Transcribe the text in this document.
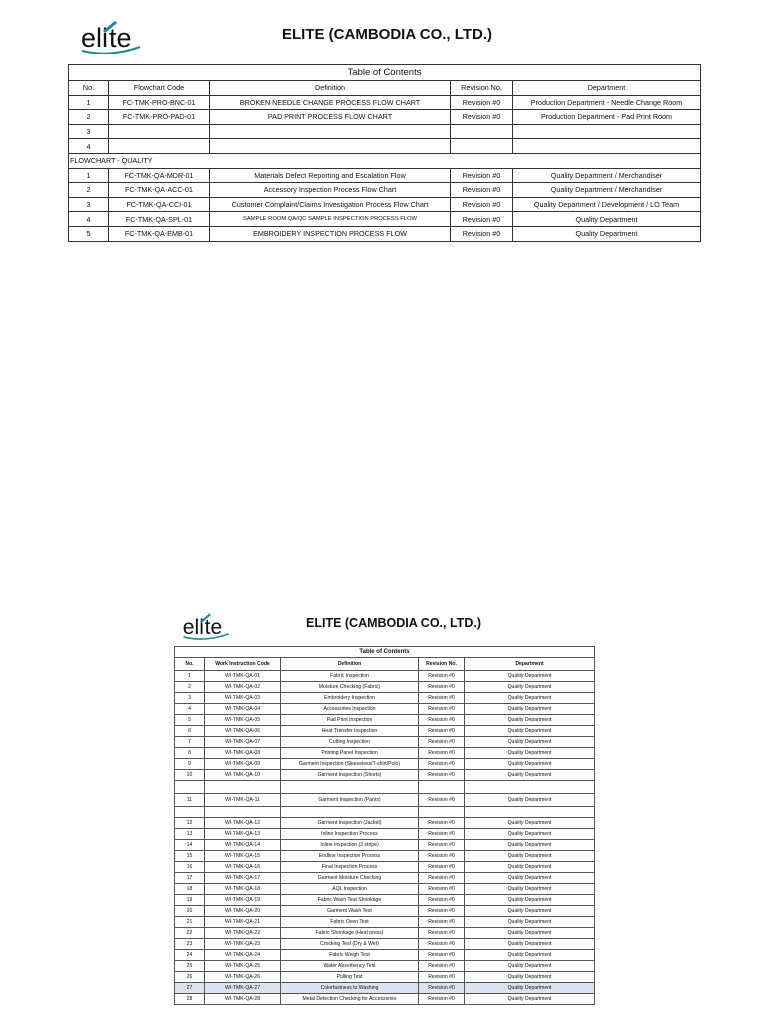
el i te	ELITE (CAMBODIA CO., LTD.)
Table of Contents				
No.	Flowchart Code	Definition	Revision No.	Department
1	FC-TMK-PRO-BNC-01	BROKEN NEEDLE CHANGE PROCESS FLOW CHART	Revision #0	Production Department - Needle Change Room
2	FC-TMK-PRO-PAD-01	PAD PRINT PROCESS FLOW CHART	Revision #0	Production Department - Pad Print Room
3				
4				
FLOWCHART - QUALITY				
1	FC-TMK-QA-MDR-01	Materials Defect Reporting and Escalation Flow	Revision #0	Quality Department / Merchandiser
2	FC-TMK-QA-ACC-01	Accessory Inspection Process Flow Chart	Revision #0	Quality Department / Merchandiser
3	FC-TMK-QA-CCI-01	Customer Complaint/Claims Investigation Process Flow Chart	Revision #0	Quality Department / Development / LO Team
4	FC-TMK-QA-SPL-01	SAMPLE ROOM QA/QC SAMPLE INSPECTION PROCESS FLOW	Revision #0	Quality Department
5	FC-TMK-QA-EMB-01	EMBROIDERY INSPECTION PROCESS FLOW	Revision #0	Quality Department
el i te	ELITE (CAMBODIA CO., LTD.)
Table of Contents				
No.	Work Instruction Code	Definition	Revision No.	Department
1	WI-TMK-QA-01	Fabric Inspection	Revision #0	Quality Department
2	WI-TMK-QA-02	Moisture Checking (Fabric)	Revision #0	Quality Department
3	WI-TMK-QA-03	Embroidery Inspection	Revision #0	Quality Department
4	WI-TMK-QA-04	Accessories Inspection	Revision #0	Quality Department
5	WI-TMK-QA-05	Pad Print Inspection	Revision #0	Quality Department
6	WI-TMK-QA-06	Heat Transfer Inspection	Revision #0	Quality Department
7	WI-TMK-QA-07	Cutting Inspection	Revision #0	Quality Department
8	WI-TMK-QA-08	Printing Panel Inspection	Revision #0	Quality Department
9	WI-TMK-QA-09	Garment Inspection (Sleeveless/T-shirt/Polo)	Revision #0	Quality Department
10	WI-TMK-QA-10	Garment Inspection (Shorts)	Revision #0	Quality Department

11	WI-TMK-QA-11	Garment Inspection (Pants)	Revision #0	Quality Department

12	WI-TMK-QA-12	Garment Inspection (Jacket)	Revision #0	Quality Department
13	WI-TMK-QA-13	Inline Inspection Process	Revision #0	Quality Department
14	WI-TMK-QA-14	Inline Inspection (3 stripe)	Revision #0	Quality Department
15	WI-TMK-QA-15	Endline Inspection Process	Revision #0	Quality Department
16	WI-TMK-QA-16	Final Inspection Process	Revision #0	Quality Department
17	WI-TMK-QA-17	Garment Moisture Checking	Revision #0	Quality Department
18	WI-TMK-QA-18	AQL Inspection	Revision #0	Quality Department
19	WI-TMK-QA-19	Fabric Wash Test Shrinkage	Revision #0	Quality Department
20	WI-TMK-QA-20	Garment Wash Test	Revision #0	Quality Department
21	WI-TMK-QA-21	Fabric Oven Test	Revision #0	Quality Department
22	WI-TMK-QA-22	Fabric Shrinkage (Heat press)	Revision #0	Quality Department
23	WI-TMK-QA-23	Crocking Test (Dry & Wet)	Revision #0	Quality Department
24	WI-TMK-QA-24	Fabric Weigh Test	Revision #0	Quality Department
25	WI-TMK-QA-25	Water Absorbency Test	Revision #0	Quality Department
26	WI-TMK-QA-26	Pulling Test	Revision #0	Quality Department
27	WI-TMK-QA-27	Colorfastness to Washing	Revision #0	Quality Department
28	WI-TMK-QA-28	Metal Detection Checking for Accessories	Revision #0	Quality Department
